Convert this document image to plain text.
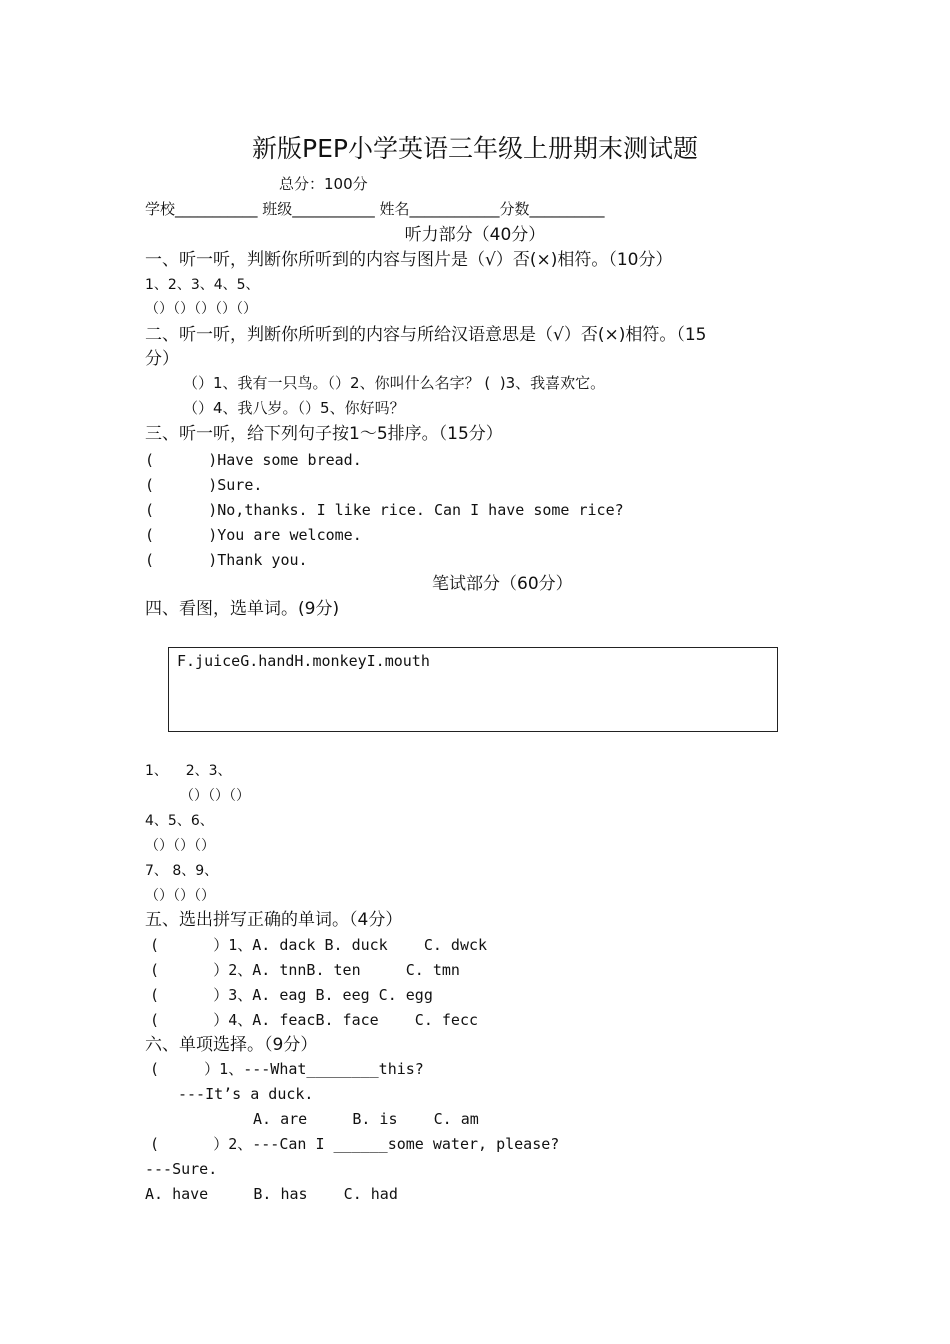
新版PEP小学英语三年级上册期末测试题
总分：100分
学校___________ 班级___________ 姓名____________分数__________
听力部分（40分）
一、听一听，判断你所听到的内容与图片是（√）否(×)相符。（10分）
1、2、3、4、5、
（）（）（）（）（）
二、听一听，判断你所听到的内容与所给汉语意思是（√）否(×)相符。（15
分）
（）1、我有一只鸟。（）2、你叫什么名字？ (  )3、我喜欢它。
（）4、我八岁。（）5、你好吗？
三、听一听，给下列句子按1～5排序。（15分）
(      )Have some bread.
(      )Sure.
(      )No,thanks. I like rice. Can I have some rice?
(      )You are welcome.
(      )Thank you.
笔试部分（60分）
四、看图，选单词。(9分)
F.juiceG.handH.monkeyI.mouth
1、    2、3、
（）（）（）
4、5、6、
（）（）（）
7、 8、9、
（）（）（）
五、选出拼写正确的单词。（4分）
(      ）1、A. dack B. duck    C. dwck
(      ）2、A. tnnB. ten     C. tmn
(      ）3、A. eag B. eeg C. egg
(      ）4、A. feacB. face    C. fecc
六、单项选择。（9分）
(     ）1、---What________this?
---It’s a duck.
A. are     B. is    C. am
(      ）2、---Can I ______some water, please?
---Sure.
A. have     B. has    C. had
